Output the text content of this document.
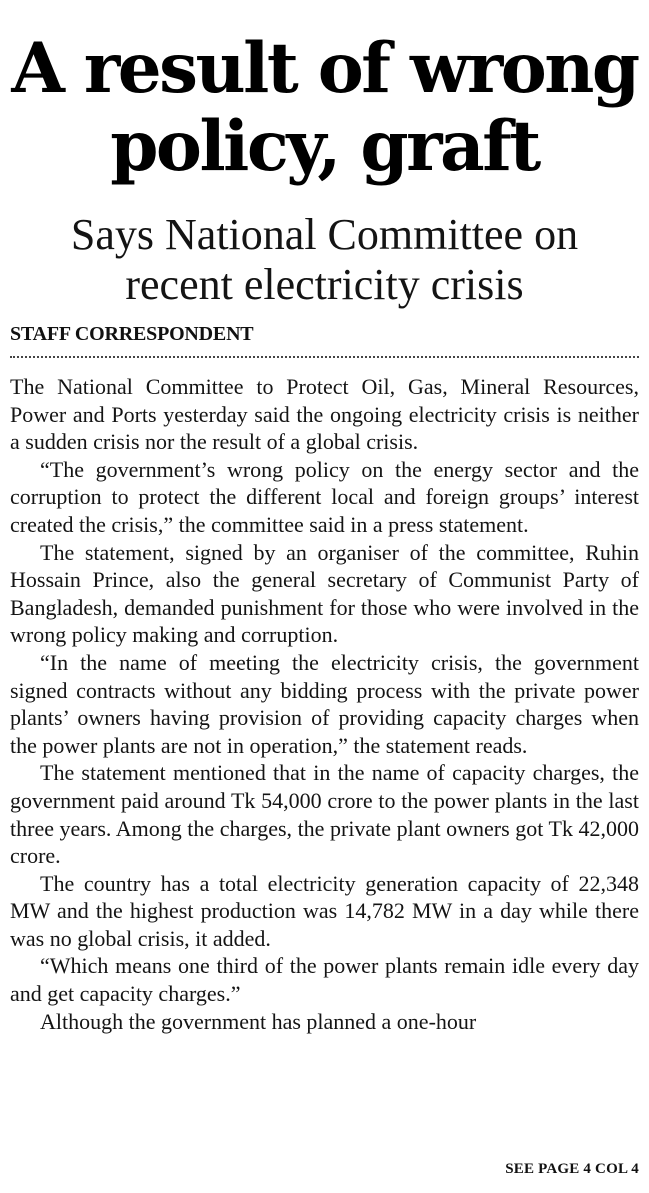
A result of wrong
policy, graft
Says National Committee on
recent electricity crisis
STAFF CORRESPONDENT

The National Committee to Protect Oil, Gas, Mineral Resources, Power and Ports yesterday said the ongoing electricity crisis is neither a sudden crisis nor the result of a global crisis.

“The government’s wrong policy on the energy sector and the corruption to protect the different local and foreign groups’ interest created the crisis,” the committee said in a press statement.

The statement, signed by an organiser of the committee, Ruhin Hossain Prince, also the general secretary of Communist Party of Bangladesh, demanded punishment for those who were involved in the wrong policy making and corruption.

“In the name of meeting the electricity crisis, the government signed contracts without any bidding process with the private power plants’ owners having provision of providing capacity charges when the power plants are not in operation,” the statement reads.

The statement mentioned that in the name of capacity charges, the government paid around Tk 54,000 crore to the power plants in the last three years. Among the charges, the private plant owners got Tk 42,000 crore.

The country has a total electricity generation capacity of 22,348 MW and the highest production was 14,782 MW in a day while there was no global crisis, it added.

“Which means one third of the power plants remain idle every day and get capacity charges.”

Although the government has planned a one-hour

SEE PAGE 4 COL 4
